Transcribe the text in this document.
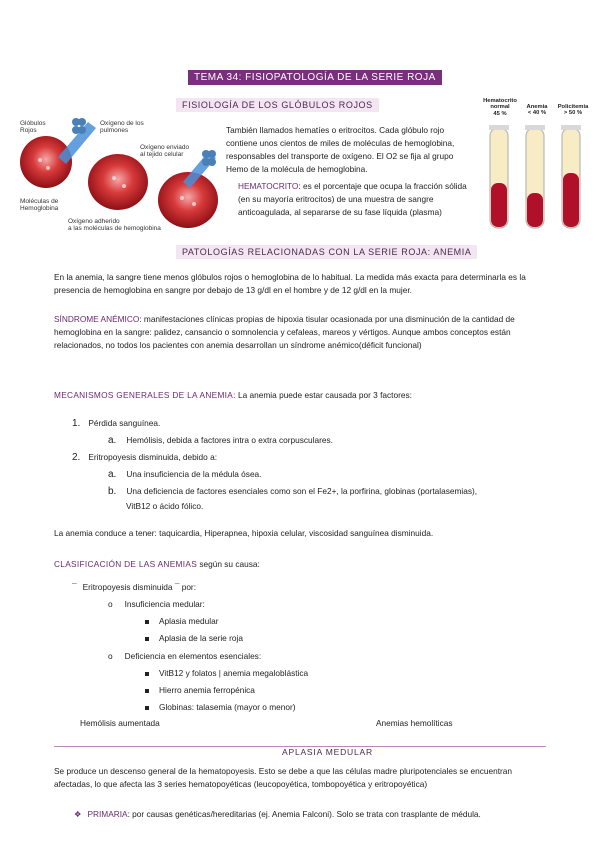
TEMA 34: FISIOPATOLOGÍA DE LA SERIE ROJA
FISIOLOGÍA DE LOS GLÓBULOS ROJOS
Glóbulos
Rojos
Oxígeno de los
pulmones
Oxígeno enviado
al tejido celular
Moléculas de
Hemoglobina
Oxígeno adherido
a las moléculas de hemoglobina
También llamados hematíes o eritrocitos. Cada glóbulo rojo contiene unos cientos de miles de moléculas de hemoglobina, responsables del transporte de oxígeno. El O2 se fija al grupo Hemo de la molécula de hemoglobina.
HEMATOCRITO: es el porcentaje que ocupa la fracción sólida (en su mayoría eritrocitos) de una muestra de sangre anticoagulada, al separarse de su fase líquida (plasma)
Hematocrito
normal
45 %
Anemia
< 40 %
Policitemia
> 50 %
PATOLOGÍAS RELACIONADAS CON LA SERIE ROJA: ANEMIA
En la anemia, la sangre tiene menos glóbulos rojos o hemoglobina de lo habitual. La medida más exacta para determinarla es la presencia de hemoglobina en sangre por debajo de 13 g/dl en el hombre y de 12 g/dl en la mujer.
SÍNDROME ANÉMICO: manifestaciones clínicas propias de hipoxia tisular ocasionada por una disminución de la cantidad de hemoglobina en la sangre: palidez, cansancio o somnolencia y cefaleas, mareos y vértigos. Aunque ambos conceptos están relacionados, no todos los pacientes con anemia desarrollan un síndrome anémico(déficit funcional)
MECANISMOS GENERALES DE LA ANEMIA: La anemia puede estar causada por 3 factores:
1. Pérdida sanguínea.
a. Hemólisis, debida a factores intra o extra corpusculares.
2. Eritropoyesis disminuida, debido a:
a. Una insuficiencia de la médula ósea.
b. Una deficiencia de factores esenciales como son el Fe2+, la porfirina, globinas (portalasemias),
VitB12 o ácido fólico.
La anemia conduce a tener: taquicardia, Hiperapnea, hipoxia celular, viscosidad sanguínea disminuida.
CLASIFICACIÓN DE LAS ANEMIAS según su causa:
¯ Eritropoyesis disminuida ¯ por:
o Insuficiencia medular:
Aplasia medular
Aplasia de la serie roja
o Deficiencia en elementos esenciales:
VitB12 y folatos | anemia megaloblástica
Hierro anemia ferropénica
Globinas: talasemia (mayor o menor)
Hemólisis aumentada	Anemias hemolíticas
APLASIA MEDULAR
Se produce un descenso general de la hematopoyesis. Esto se debe a que las células madre pluripotenciales se encuentran afectadas, lo que afecta las 3 series hematopoyéticas (leucopoyética, tombopoyética y eritropoyética)
❖ PRIMARIA: por causas genéticas/hereditarias (ej. Anemia Falconi). Solo se trata con trasplante de médula.
